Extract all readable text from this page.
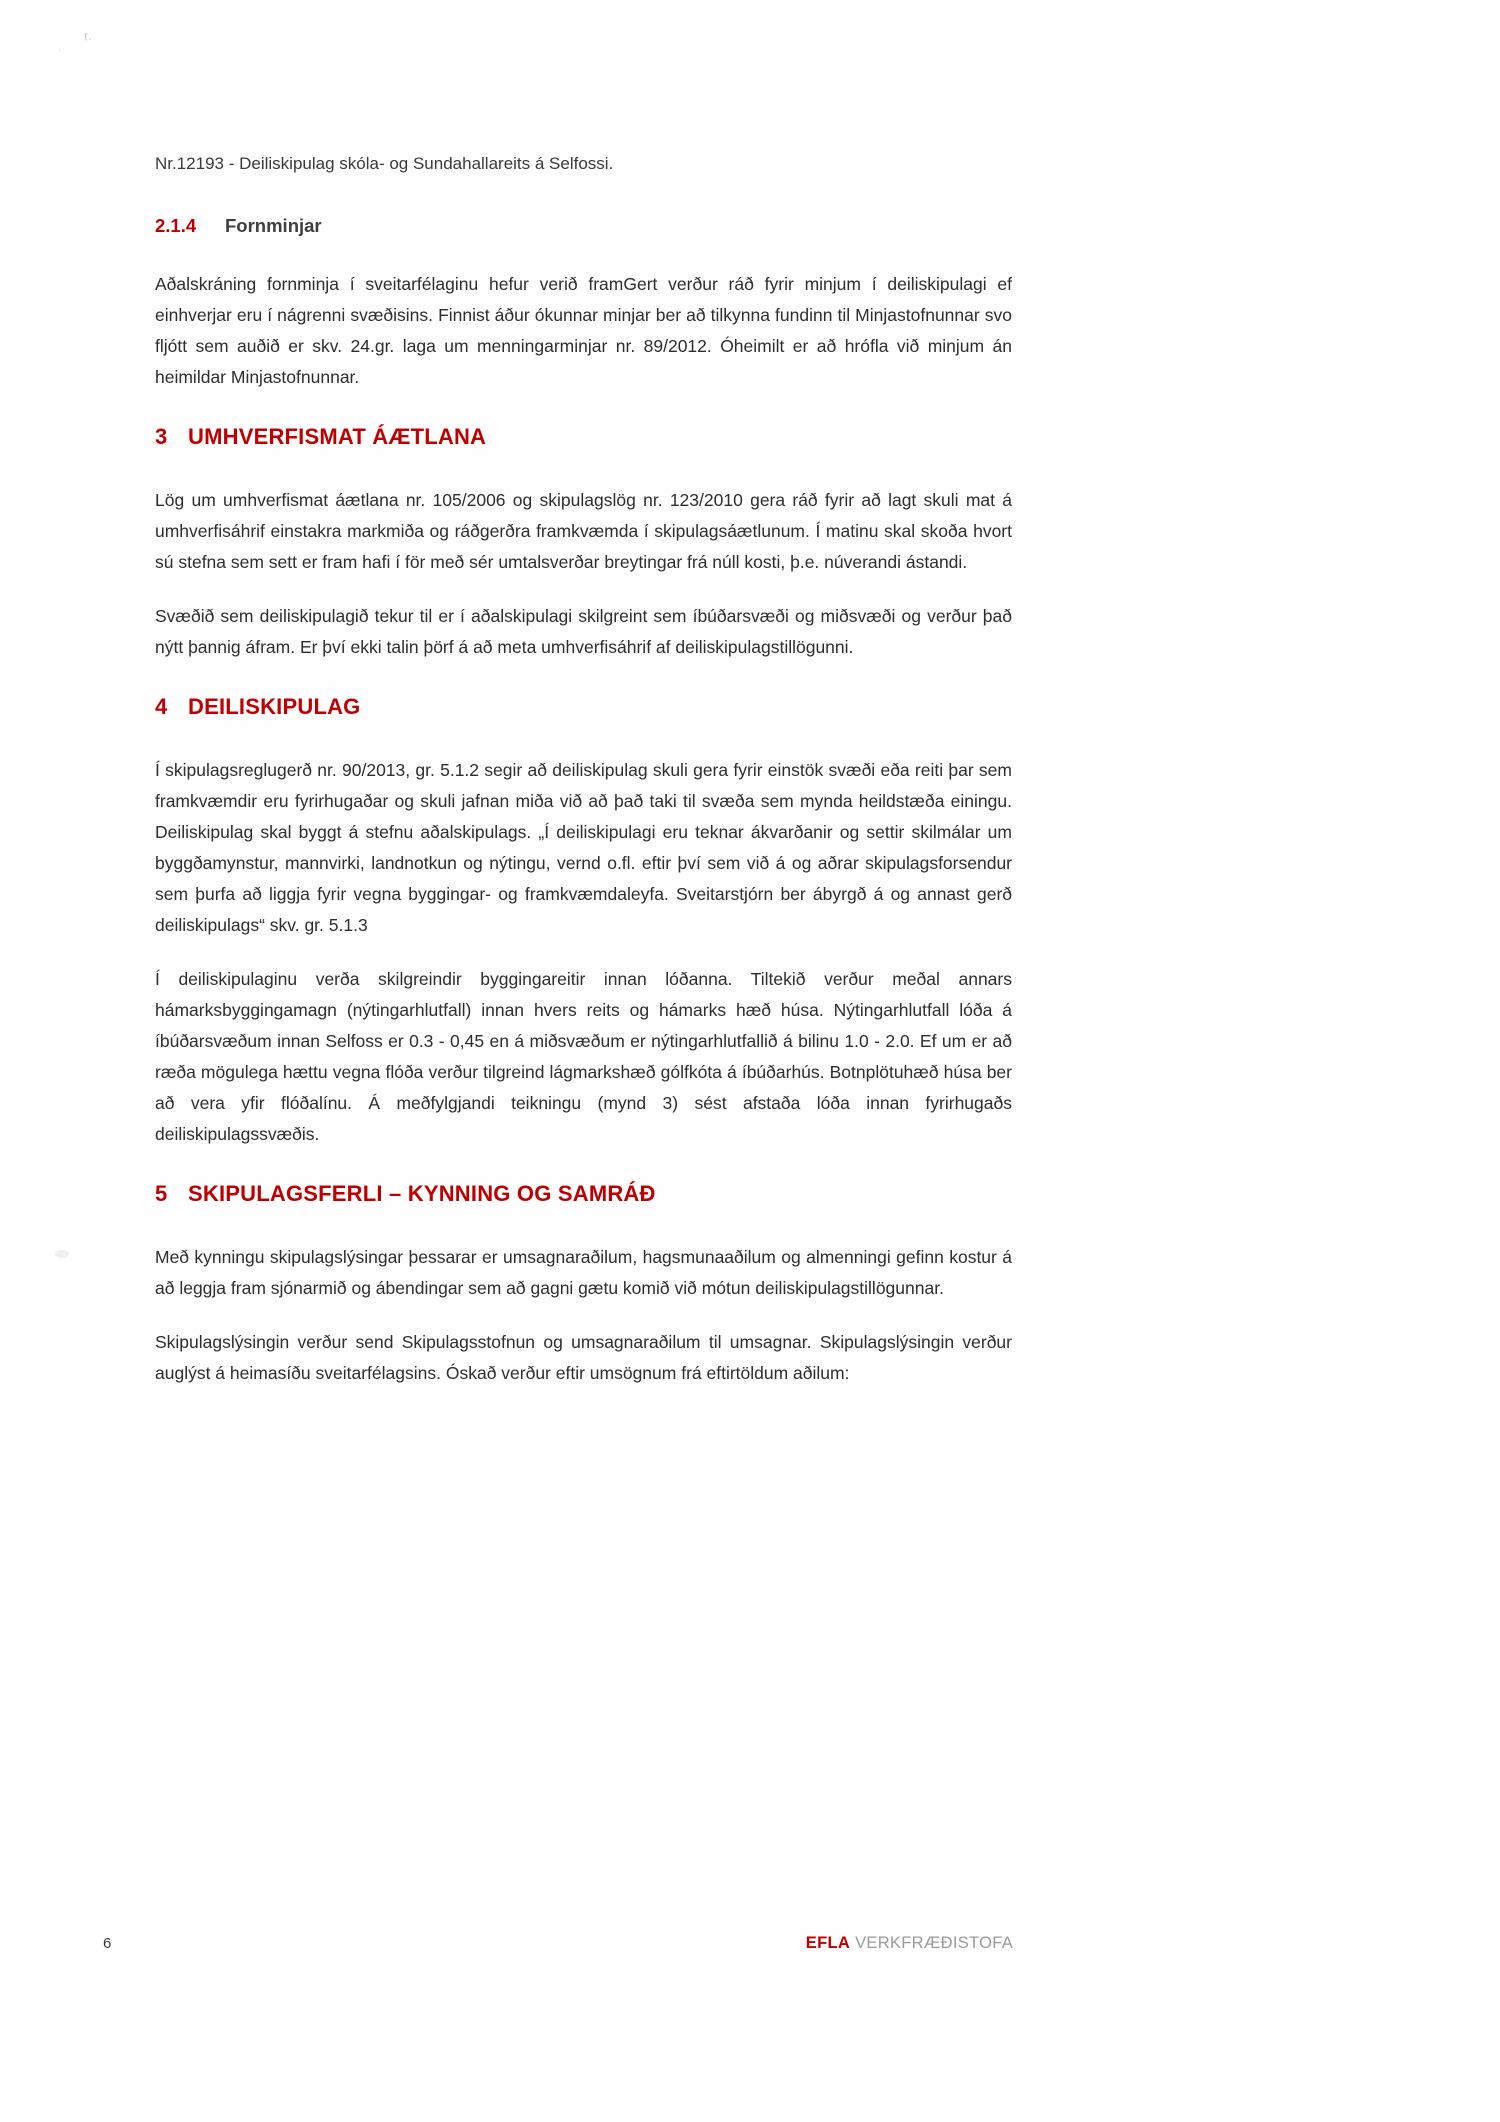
r.
,

Nr.12193 - Deiliskipulag skóla- og Sundahallareits á Selfossi.

2.1.4	Fornminjar

Aðalskráning fornminja í sveitarfélaginu hefur verið framGert verður ráð fyrir minjum í deiliskipulagi ef einhverjar eru í nágrenni svæðisins. Finnist áður ókunnar minjar ber að tilkynna fundinn til Minjastofnunnar svo fljótt sem auðið er skv. 24.gr. laga um menningarminjar nr. 89/2012. Óheimilt er að hrófla við minjum án heimildar Minjastofnunnar.

3 UMHVERFISMAT ÁÆTLANA

Lög um umhverfismat áætlana nr. 105/2006 og skipulagslög nr. 123/2010 gera ráð fyrir að lagt skuli mat á umhverfisáhrif einstakra markmiða og ráðgerðra framkvæmda í skipulagsáætlunum. Í matinu skal skoða hvort sú stefna sem sett er fram hafi í för með sér umtalsverðar breytingar frá núll kosti, þ.e. núverandi ástandi.

Svæðið sem deiliskipulagið tekur til er í aðalskipulagi skilgreint sem íbúðarsvæði og miðsvæði og verður það nýtt þannig áfram. Er því ekki talin þörf á að meta umhverfisáhrif af deiliskipulagstillögunni.

4 DEILISKIPULAG

Í skipulagsreglugerð nr. 90/2013, gr. 5.1.2 segir að deiliskipulag skuli gera fyrir einstök svæði eða reiti þar sem framkvæmdir eru fyrirhugaðar og skuli jafnan miða við að það taki til svæða sem mynda heildstæða einingu. Deiliskipulag skal byggt á stefnu aðalskipulags. „Í deiliskipulagi eru teknar ákvarðanir og settir skilmálar um byggðamynstur, mannvirki, landnotkun og nýtingu, vernd o.fl. eftir því sem við á og aðrar skipulagsforsendur sem þurfa að liggja fyrir vegna byggingar- og framkvæmdaleyfa. Sveitarstjórn ber ábyrgð á og annast gerð deiliskipulags“ skv. gr. 5.1.3

Í deiliskipulaginu verða skilgreindir byggingareitir innan lóðanna. Tiltekið verður meðal annars hámarksbyggingamagn (nýtingarhlutfall) innan hvers reits og hámarks hæð húsa. Nýtingarhlutfall lóða á íbúðarsvæðum innan Selfoss er 0.3 - 0,45 en á miðsvæðum er nýtingarhlutfallið á bilinu 1.0 - 2.0. Ef um er að ræða mögulega hættu vegna flóða verður tilgreind lágmarkshæð gólfkóta á íbúðarhús. Botnplötuhæð húsa ber að vera yfir flóðalínu. Á meðfylgjandi teikningu (mynd 3) sést afstaða lóða innan fyrirhugaðs deiliskipulagssvæðis.

5 SKIPULAGSFERLI – KYNNING OG SAMRÁÐ

Með kynningu skipulagslýsingar þessarar er umsagnaraðilum, hagsmunaaðilum og almenningi gefinn kostur á að leggja fram sjónarmið og ábendingar sem að gagni gætu komið við mótun deiliskipulagstillögunnar.

Skipulagslýsingin verður send Skipulagsstofnun og umsagnaraðilum til umsagnar. Skipulagslýsingin verður auglýst á heimasíðu sveitarfélagsins. Óskað verður eftir umsögnum frá eftirtöldum aðilum:

6	EFLA VERKFRÆÐISTOFA
